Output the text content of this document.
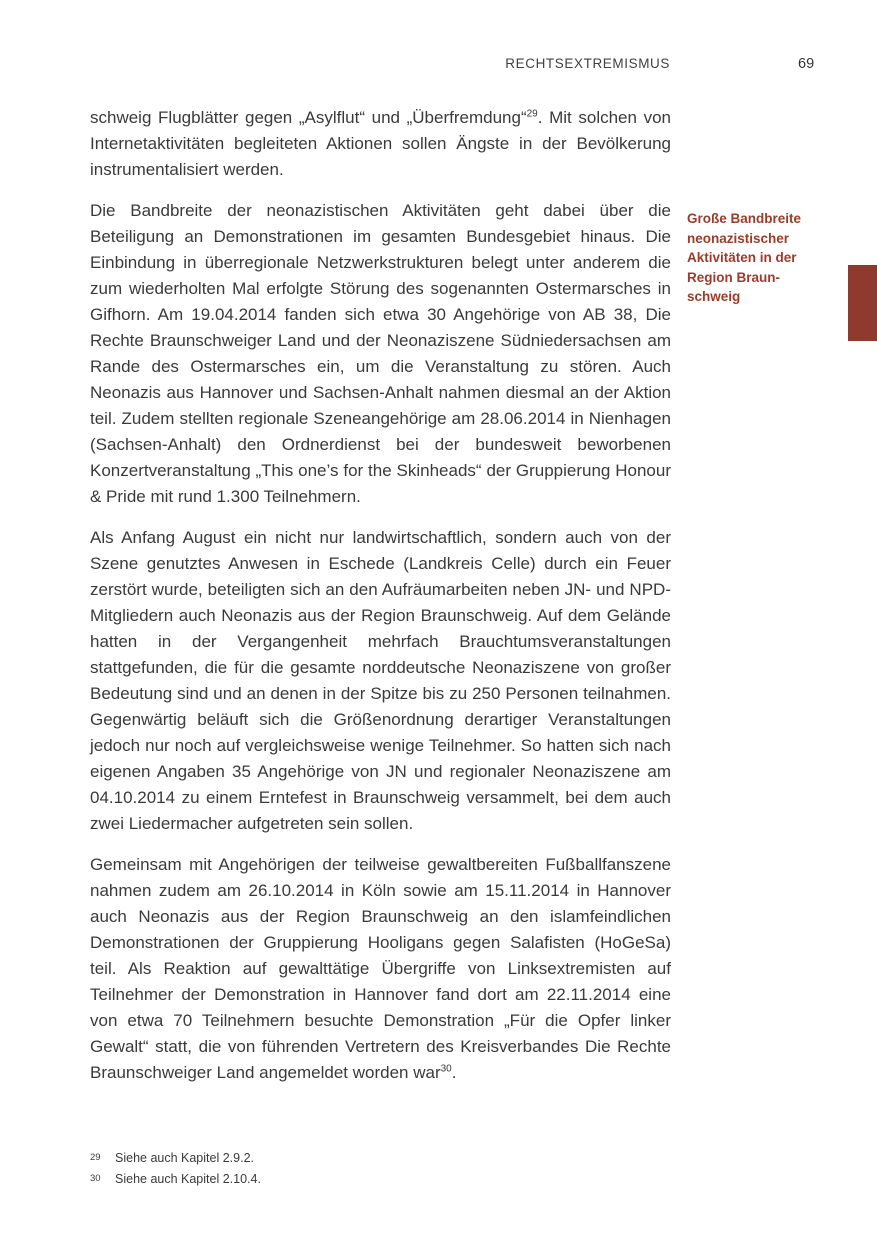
RECHTSEXTREMISMUS	69
Große Bandbreite neonazistischer Aktivitäten in der Region Braunschweig

schweig Flugblätter gegen „Asylflut“ und „Überfremdung“$^{29}$. Mit solchen von Internetaktivitäten begleiteten Aktionen sollen Ängste in der Bevölkerung instrumentalisiert werden.

Die Bandbreite der neonazistischen Aktivitäten geht dabei über die Beteiligung an Demonstrationen im gesamten Bundesgebiet hinaus. Die Einbindung in überregionale Netzwerkstrukturen belegt unter anderem die zum wiederholten Mal erfolgte Störung des sogenannten Ostermarsches in Gifhorn. Am 19.04.2014 fanden sich etwa 30 Angehörige von AB 38, Die Rechte Braunschweiger Land und der Neonaziszene Südniedersachsen am Rande des Ostermarsches ein, um die Veranstaltung zu stören. Auch Neonazis aus Hannover und Sachsen-Anhalt nahmen diesmal an der Aktion teil. Zudem stellten regionale Szeneangehörige am 28.06.2014 in Nienhagen (Sachsen-Anhalt) den Ordnerdienst bei der bundesweit beworbenen Konzertveranstaltung „This one’s for the Skinheads“ der Gruppierung Honour & Pride mit rund 1.300 Teilnehmern.

Als Anfang August ein nicht nur landwirtschaftlich, sondern auch von der Szene genutztes Anwesen in Eschede (Landkreis Celle) durch ein Feuer zerstört wurde, beteiligten sich an den Aufräumarbeiten neben JN- und NPD-Mitgliedern auch Neonazis aus der Region Braunschweig. Auf dem Gelände hatten in der Vergangenheit mehrfach Brauchtumsveranstaltungen stattgefunden, die für die gesamte norddeutsche Neonaziszene von großer Bedeutung sind und an denen in der Spitze bis zu 250 Personen teilnahmen. Gegenwärtig beläuft sich die Größenordnung derartiger Veranstaltungen jedoch nur noch auf vergleichsweise wenige Teilnehmer. So hatten sich nach eigenen Angaben 35 Angehörige von JN und regionaler Neonaziszene am 04.10.2014 zu einem Erntefest in Braunschweig versammelt, bei dem auch zwei Liedermacher aufgetreten sein sollen.

Gemeinsam mit Angehörigen der teilweise gewaltbereiten Fußballfanszene nahmen zudem am 26.10.2014 in Köln sowie am 15.11.2014 in Hannover auch Neonazis aus der Region Braunschweig an den islamfeindlichen Demonstrationen der Gruppierung Hooligans gegen Salafisten (HoGeSa) teil. Als Reaktion auf gewalttätige Übergriffe von Linksextremisten auf Teilnehmer der Demonstration in Hannover fand dort am 22.11.2014 eine von etwa 70 Teilnehmern besuchte Demonstration „Für die Opfer linker Gewalt“ statt, die von führenden Vertretern des Kreisverbandes Die Rechte Braunschweiger Land angemeldet worden war$^{30}$.

29	Siehe auch Kapitel 2.9.2.
30	Siehe auch Kapitel 2.10.4.
